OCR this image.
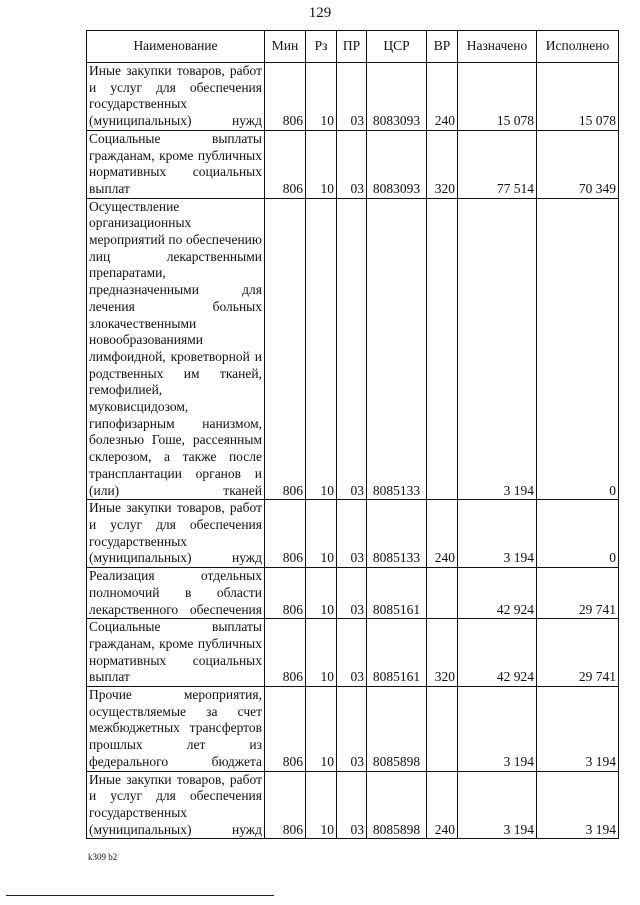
129
Наименование	Мин	Рз	ПР	ЦСР	ВР	Назначено	Исполнено

Иные закупки товаров, работ и услуг для обеспечения государственных (муниципальных) нужд	806	10	03	8083093	240	15 078	15 078

Социальные выплаты гражданам, кроме публичных нормативных социальных выплат	806	10	03	8083093	320	77 514	70 349

Осуществление организационных мероприятий по обеспечению лиц лекарственными препаратами, предназначенными для лечения больных злокачественными новообразованиями лимфоидной, кроветворной и родственных им тканей, гемофилией, муковисцидозом, гипофизарным нанизмом, болезнью Гоше, рассеянным склерозом, а также после трансплантации органов и (или) тканей	806	10	03	8085133		3 194	0

Иные закупки товаров, работ и услуг для обеспечения государственных (муниципальных) нужд	806	10	03	8085133	240	3 194	0

Реализация отдельных полномочий в области лекарственного обеспечения	806	10	03	8085161		42 924	29 741

Социальные выплаты гражданам, кроме публичных нормативных социальных выплат	806	10	03	8085161	320	42 924	29 741

Прочие мероприятия, осуществляемые за счет межбюджетных трансфертов прошлых лет из федерального бюджета	806	10	03	8085898		3 194	3 194

Иные закупки товаров, работ и услуг для обеспечения государственных (муниципальных) нужд	806	10	03	8085898	240	3 194	3 194
k309 b2
